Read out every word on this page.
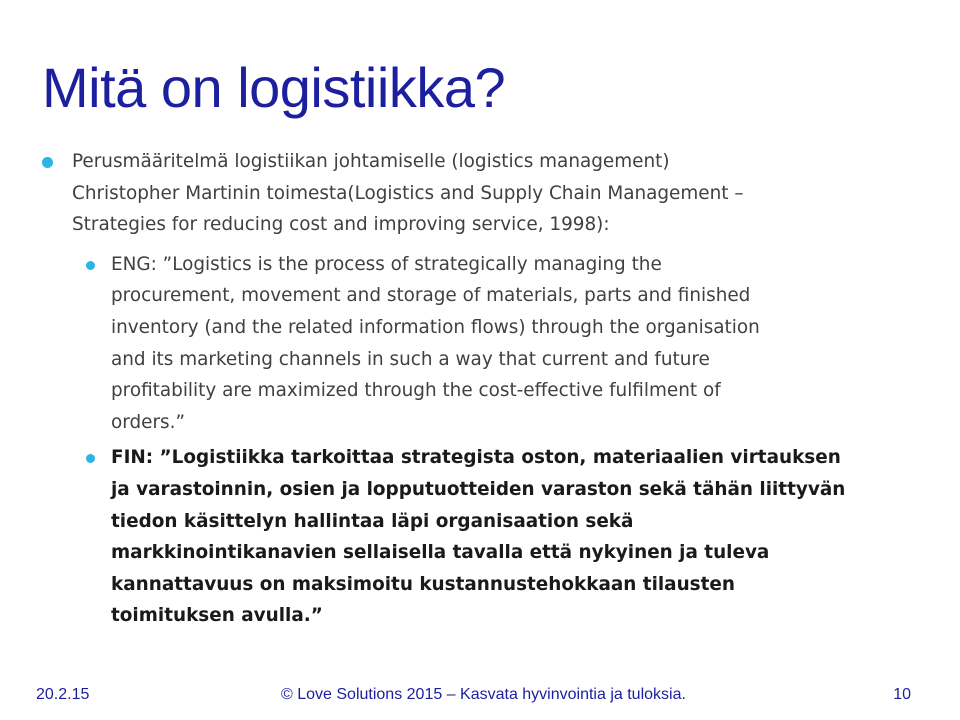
Mitä on logistiikka?
Perusmääritelmä logistiikan johtamiselle (logistics management)
Christopher Martinin toimesta(Logistics and Supply Chain Management –
Strategies for reducing cost and improving service, 1998):
ENG: ”Logistics is the process of strategically managing the
procurement, movement and storage of materials, parts and finished
inventory (and the related information flows) through the organisation
and its marketing channels in such a way that current and future
profitability are maximized through the cost-effective fulfilment of
orders.”
FIN: ”Logistiikka tarkoittaa strategista oston, materiaalien virtauksen
ja varastoinnin, osien ja lopputuotteiden varaston sekä tähän liittyvän
tiedon käsittelyn hallintaa läpi organisaation sekä
markkinointikanavien sellaisella tavalla että nykyinen ja tuleva
kannattavuus on maksimoitu kustannustehokkaan tilausten
toimituksen avulla.”
20.2.15	© Love Solutions 2015 – Kasvata hyvinvointia ja tuloksia.	10
